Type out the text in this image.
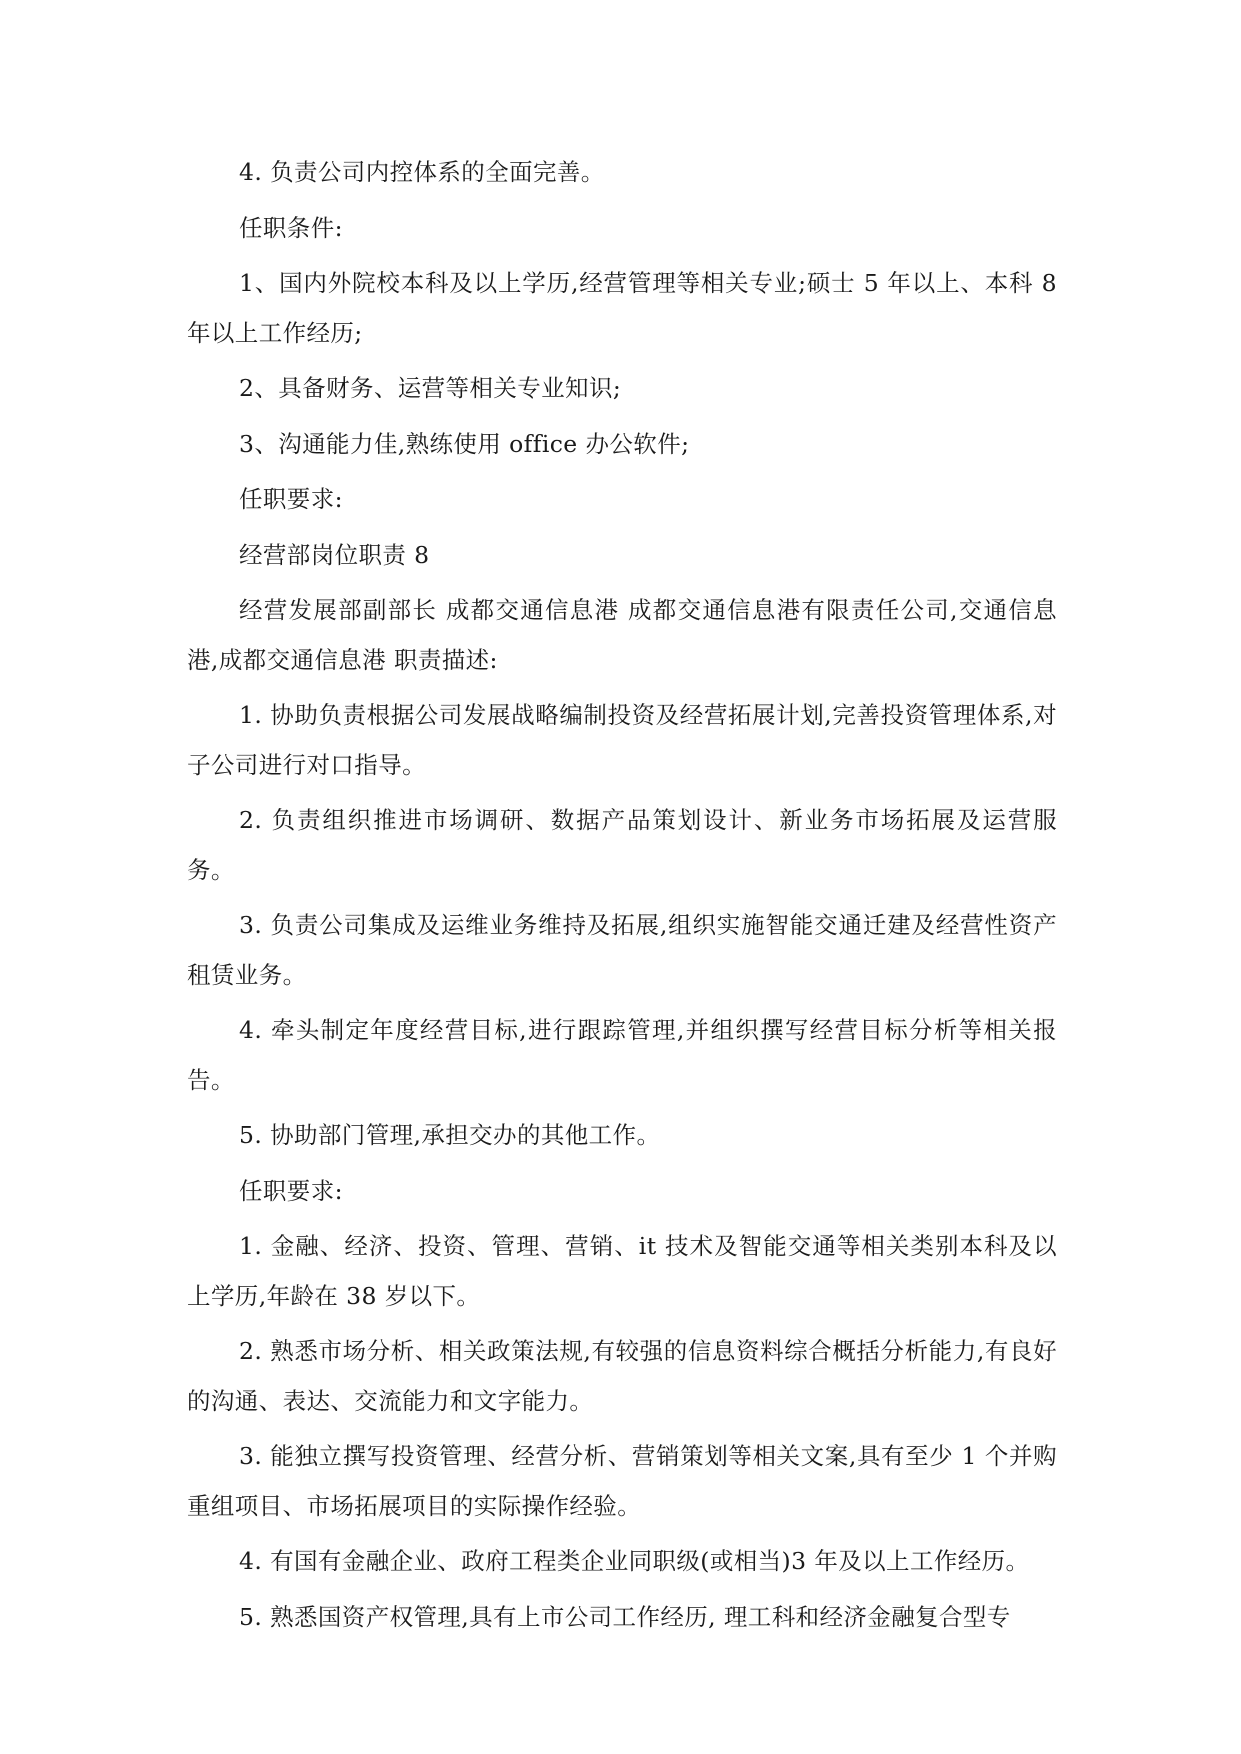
4. 负责公司内控体系的全面完善。

任职条件:

1、国内外院校本科及以上学历,经营管理等相关专业;硕士 5 年以上、本科 8 年以上工作经历;

2、具备财务、运营等相关专业知识;

3、沟通能力佳,熟练使用 office 办公软件;

任职要求:

经营部岗位职责 8

经营发展部副部长 成都交通信息港 成都交通信息港有限责任公司,交通信息港,成都交通信息港 职责描述:

1. 协助负责根据公司发展战略编制投资及经营拓展计划,完善投资管理体系,对子公司进行对口指导。

2. 负责组织推进市场调研、数据产品策划设计、新业务市场拓展及运营服务。

3. 负责公司集成及运维业务维持及拓展,组织实施智能交通迁建及经营性资产租赁业务。

4. 牵头制定年度经营目标,进行跟踪管理,并组织撰写经营目标分析等相关报告。

5. 协助部门管理,承担交办的其他工作。

任职要求:

1. 金融、经济、投资、管理、营销、it 技术及智能交通等相关类别本科及以上学历,年龄在 38 岁以下。

2. 熟悉市场分析、相关政策法规,有较强的信息资料综合概括分析能力,有良好的沟通、表达、交流能力和文字能力。

3. 能独立撰写投资管理、经营分析、营销策划等相关文案,具有至少 1 个并购重组项目、市场拓展项目的实际操作经验。

4. 有国有金融企业、政府工程类企业同职级(或相当)3 年及以上工作经历。

5. 熟悉国资产权管理,具有上市公司工作经历, 理工科和经济金融复合型专
